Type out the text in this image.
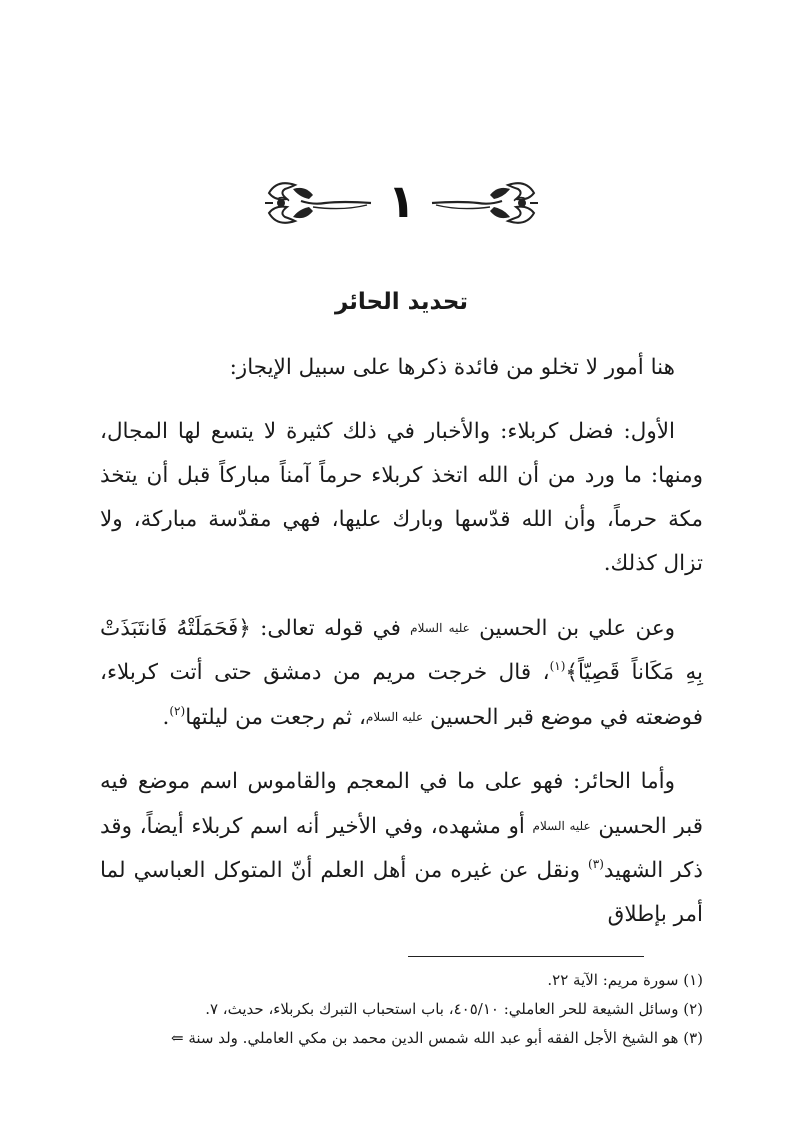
١
تحديد الحائر

هنا أمور لا تخلو من فائدة ذكرها على سبيل الإيجاز:

الأول: فضل كربلاء: والأخبار في ذلك كثيرة لا يتسع لها المجال، ومنها: ما ورد من أن الله اتخذ كربلاء حرماً آمناً مباركاً قبل أن يتخذ مكة حرماً، وأن الله قدّسها وبارك عليها، فهي مقدّسة مباركة، ولا تزال كذلك.

وعن علي بن الحسين عليه السلام في قوله تعالى: ﴿فَحَمَلَتْهُ فَانتَبَذَتْ بِهِ مَكَاناً قَصِيّاً﴾$^{(١)}$، قال خرجت مريم من دمشق حتى أتت كربلاء، فوضعته في موضع قبر الحسين عليه السلام، ثم رجعت من ليلتها$^{(٢)}$.

وأما الحائر: فهو على ما في المعجم والقاموس اسم موضع فيه قبر الحسين عليه السلام أو مشهده، وفي الأخير أنه اسم كربلاء أيضاً، وقد ذكر الشهيد$^{(٣)}$ ونقل عن غيره من أهل العلم أنّ المتوكل العباسي لما أمر بإطلاق

(١) سورة مريم: الآية ٢٢.
(٢) وسائل الشيعة للحر العاملي: ٤٠٥/١٠، باب استحباب التبرك بكربلاء، حديث، ٧.
(٣) هو الشيخ الأجل الفقه أبو عبد الله شمس الدين محمد بن مكي العاملي. ولد سنة ⇐
